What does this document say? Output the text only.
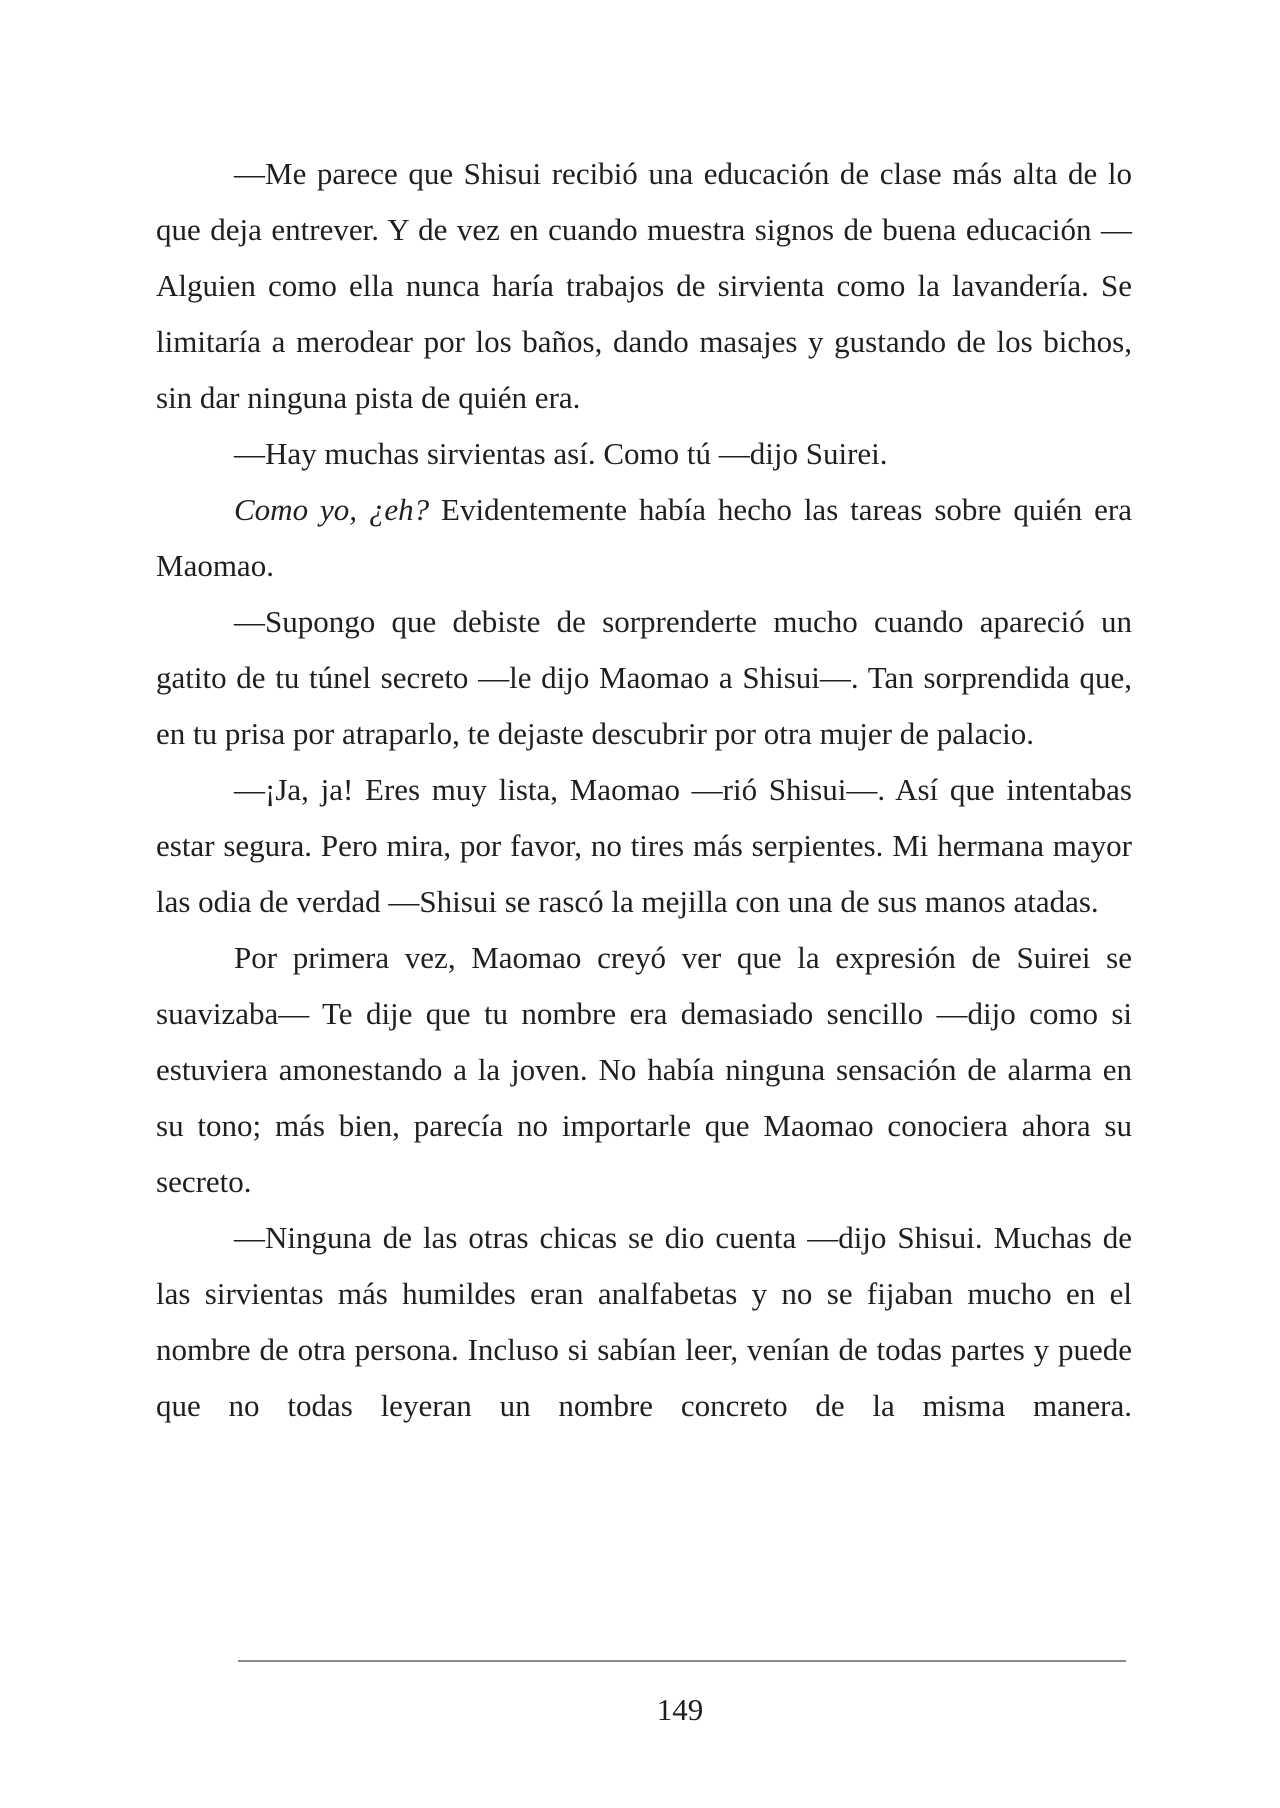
—Me parece que Shisui recibió una educación de clase más alta de lo que deja entrever. Y de vez en cuando muestra signos de buena educación —Alguien como ella nunca haría trabajos de sirvienta como la lavandería. Se limitaría a merodear por los baños, dando masajes y gustando de los bichos, sin dar ninguna pista de quién era.

—Hay muchas sirvientas así. Como tú —dijo Suirei.

Como yo, ¿eh? Evidentemente había hecho las tareas sobre quién era Maomao.

—Supongo que debiste de sorprenderte mucho cuando apareció un gatito de tu túnel secreto —le dijo Maomao a Shisui—. Tan sorprendida que, en tu prisa por atraparlo, te dejaste descubrir por otra mujer de palacio.

—¡Ja, ja! Eres muy lista, Maomao —rió Shisui—. Así que intentabas estar segura. Pero mira, por favor, no tires más serpientes. Mi hermana mayor las odia de verdad —Shisui se rascó la mejilla con una de sus manos atadas.

Por primera vez, Maomao creyó ver que la expresión de Suirei se suavizaba— Te dije que tu nombre era demasiado sencillo —dijo como si estuviera amonestando a la joven. No había ninguna sensación de alarma en su tono; más bien, parecía no importarle que Maomao conociera ahora su secreto.

—Ninguna de las otras chicas se dio cuenta —dijo Shisui. Muchas de las sirvientas más humildes eran analfabetas y no se fijaban mucho en el nombre de otra persona. Incluso si sabían leer, venían de todas partes y puede que no todas leyeran un nombre concreto de la misma manera.

149
